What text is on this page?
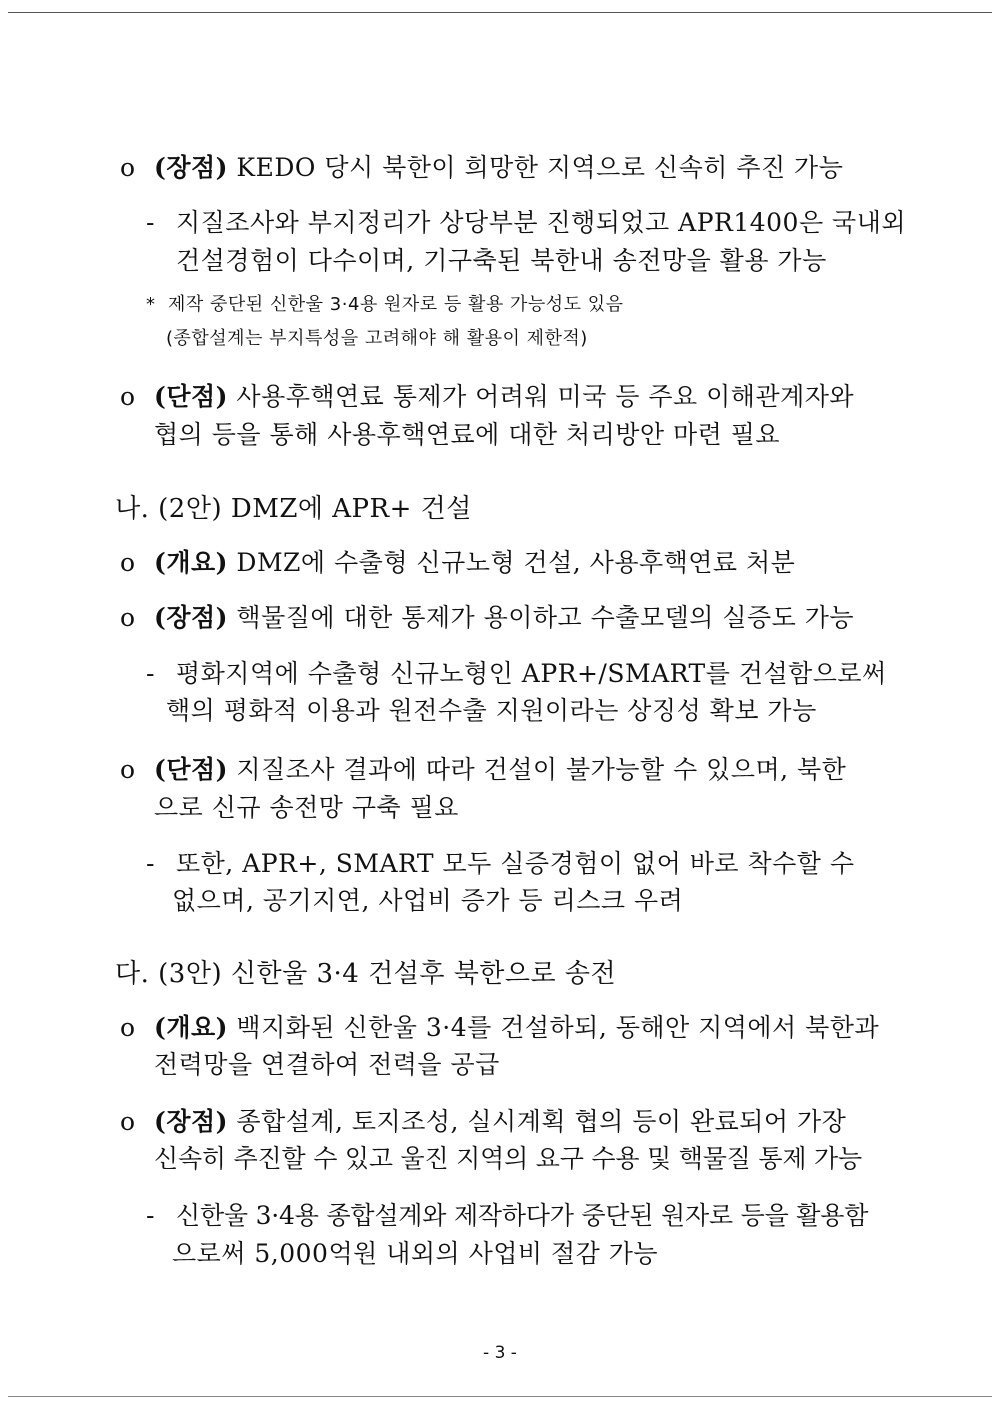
o (장점) KEDO 당시 북한이 희망한 지역으로 신속히 추진 가능
- 지질조사와 부지정리가 상당부분 진행되었고 APR1400은 국내외
건설경험이 다수이며, 기구축된 북한내 송전망을 활용 가능
* 제작 중단된 신한울 3·4용 원자로 등 활용 가능성도 있음
(종합설계는 부지특성을 고려해야 해 활용이 제한적)
o (단점) 사용후핵연료 통제가 어려워 미국 등 주요 이해관계자와
협의 등을 통해 사용후핵연료에 대한 처리방안 마련 필요
나. (2안) DMZ에 APR+ 건설
o (개요) DMZ에 수출형 신규노형 건설, 사용후핵연료 처분
o (장점) 핵물질에 대한 통제가 용이하고 수출모델의 실증도 가능
- 평화지역에 수출형 신규노형인 APR+/SMART를 건설함으로써
핵의 평화적 이용과 원전수출 지원이라는 상징성 확보 가능
o (단점) 지질조사 결과에 따라 건설이 불가능할 수 있으며, 북한
으로 신규 송전망 구축 필요
- 또한, APR+, SMART 모두 실증경험이 없어 바로 착수할 수
없으며, 공기지연, 사업비 증가 등 리스크 우려
다. (3안) 신한울 3·4 건설후 북한으로 송전
o (개요) 백지화된 신한울 3·4를 건설하되, 동해안 지역에서 북한과
전력망을 연결하여 전력을 공급
o (장점) 종합설계, 토지조성, 실시계획 협의 등이 완료되어 가장
신속히 추진할 수 있고 울진 지역의 요구 수용 및 핵물질 통제 가능
- 신한울 3·4용 종합설계와 제작하다가 중단된 원자로 등을 활용함
으로써 5,000억원 내외의 사업비 절감 가능
- 3 -
